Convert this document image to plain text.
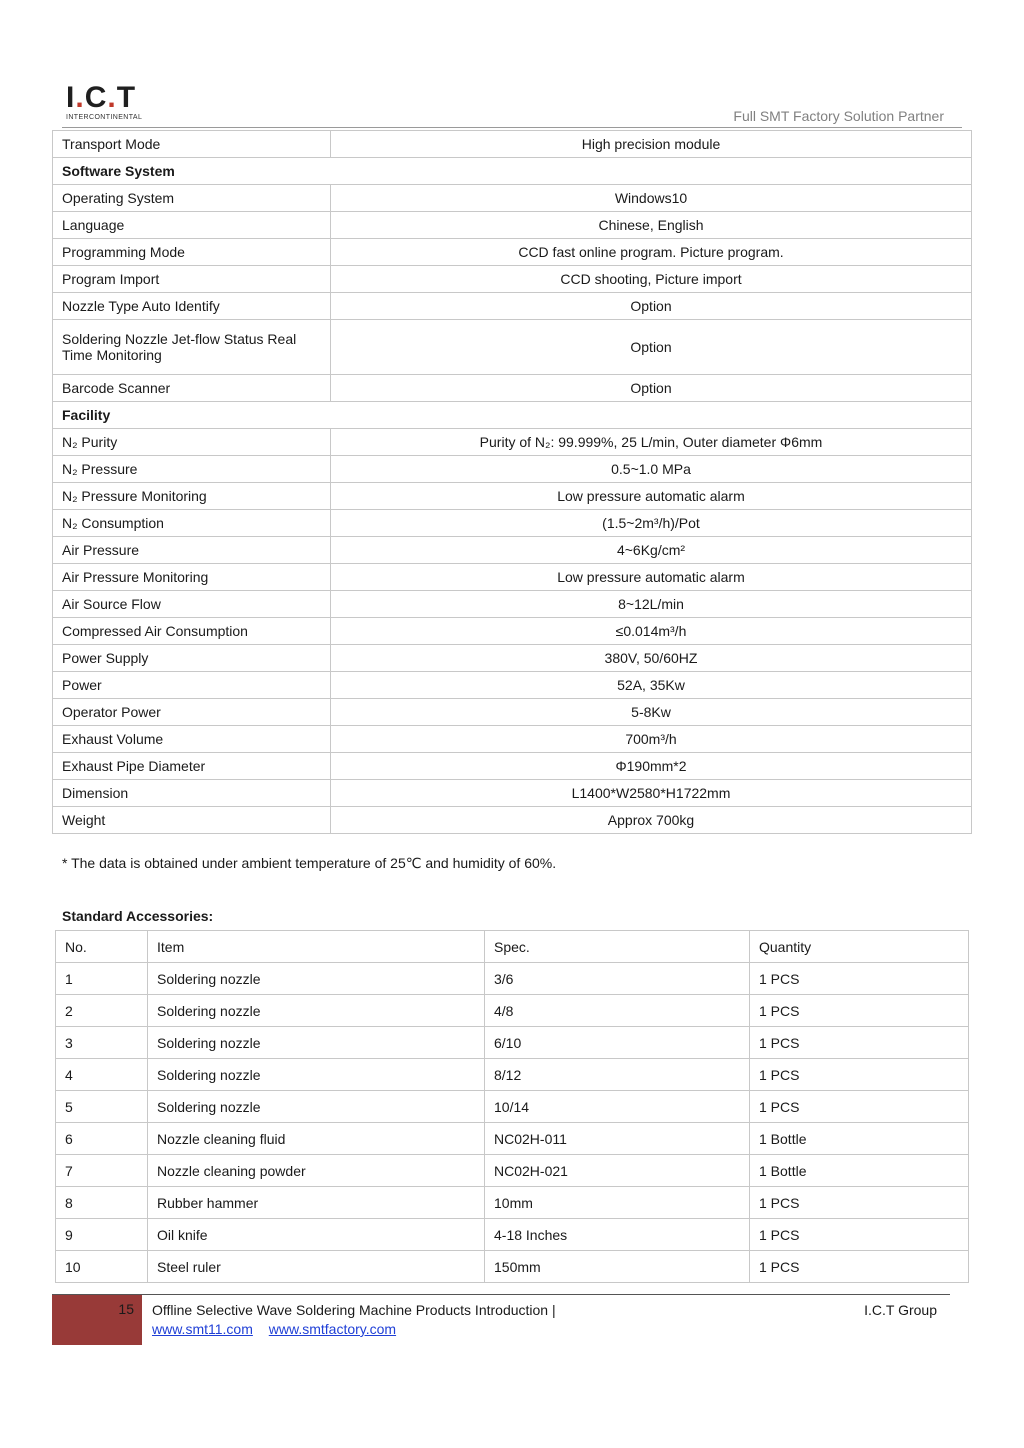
I.C.T
INTERCONTINENTAL	Full SMT Factory Solution Partner
Transport Mode	High precision module
Software System	
Operating System	Windows10
Language	Chinese, English
Programming Mode	CCD fast online program. Picture program.
Program Import	CCD shooting, Picture import
Nozzle Type Auto Identify	Option
Soldering Nozzle Jet-flow Status Real Time Monitoring	Option
Barcode Scanner	Option
Facility	
N₂ Purity	Purity of N₂: 99.999%, 25 L/min, Outer diameter Φ6mm
N₂ Pressure	0.5~1.0 MPa
N₂ Pressure Monitoring	Low pressure automatic alarm
N₂ Consumption	(1.5~2m³/h)/Pot
Air Pressure	4~6Kg/cm²
Air Pressure Monitoring	Low pressure automatic alarm
Air Source Flow	8~12L/min
Compressed Air Consumption	≤0.014m³/h
Power Supply	380V, 50/60HZ
Power	52A, 35Kw
Operator Power	5-8Kw
Exhaust Volume	700m³/h
Exhaust Pipe Diameter	Φ190mm*2
Dimension	L1400*W2580*H1722mm
Weight	Approx 700kg
* The data is obtained under ambient temperature of 25℃ and humidity of 60%.
Standard Accessories:
No.	Item	Spec.	Quantity
1	Soldering nozzle	3/6	1 PCS
2	Soldering nozzle	4/8	1 PCS
3	Soldering nozzle	6/10	1 PCS
4	Soldering nozzle	8/12	1 PCS
5	Soldering nozzle	10/14	1 PCS
6	Nozzle cleaning fluid	NC02H-011	1 Bottle
7	Nozzle cleaning powder	NC02H-021	1 Bottle
8	Rubber hammer	10mm	1 PCS
9	Oil knife	4-18 Inches	1 PCS
10	Steel ruler	150mm	1 PCS
15 Offline Selective Wave Soldering Machine Products Introduction |	I.C.T Group
www.smt11.com www.smtfactory.com
